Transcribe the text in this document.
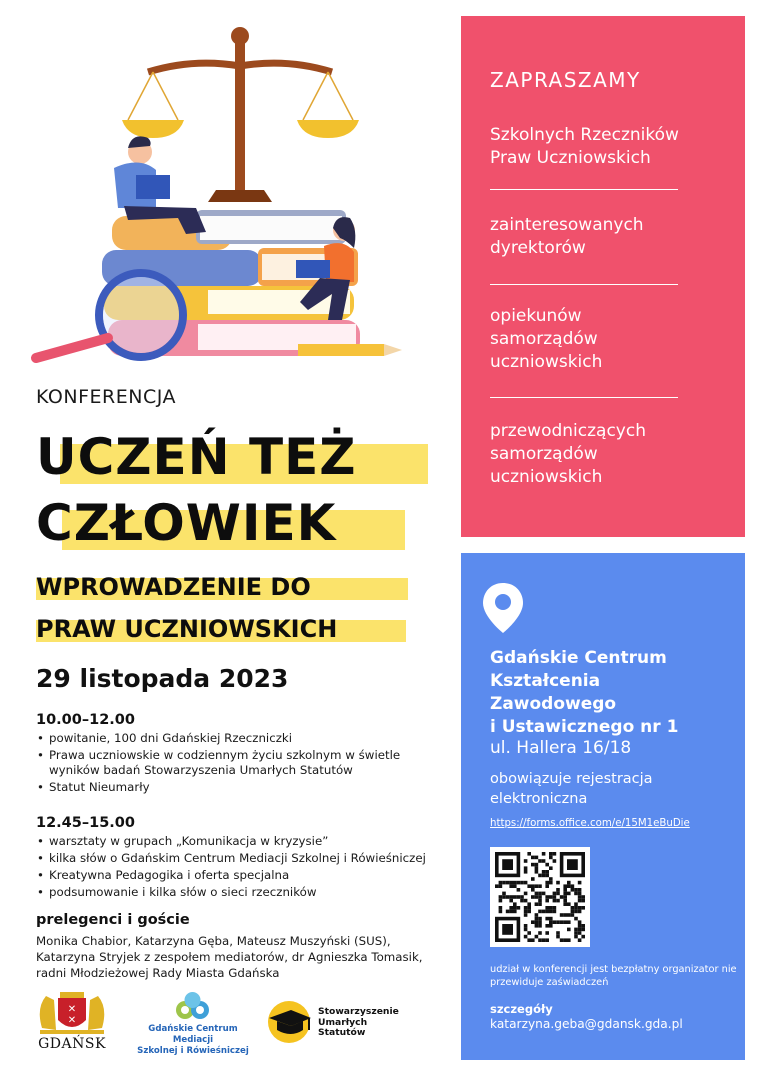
KONFERENCJA
UCZEŃ TEŻ
CZŁOWIEK
WPROWADZENIE DO
PRAW UCZNIOWSKICH
29 listopada 2023
10.00–12.00
• powitanie, 100 dni Gdańskiej Rzeczniczki
• Prawa uczniowskie w codziennym życiu szkolnym w świetle wyników badań Stowarzyszenia Umarłych Statutów
• Statut Nieumarły
12.45–15.00
• warsztaty w grupach „Komunikacja w kryzysie”
• kilka słów o Gdańskim Centrum Mediacji Szkolnej i Rówieśniczej
• Kreatywna Pedagogika i oferta specjalna
• podsumowanie i kilka słów o sieci rzeczników
prelegenci i goście
Monika Chabior, Katarzyna Gęba, Mateusz Muszyński (SUS), Katarzyna Stryjek z zespołem mediatorów, dr Agnieszka Tomasik, radni Młodzieżowej Rady Miasta Gdańska
✕
✕
GDAŃSK
Gdańskie Centrum Mediacji
Szkolnej i Rówieśniczej
Stowarzyszenie
Umarłych
Statutów
ZAPRASZAMY
Szkolnych Rzeczników Praw Uczniowskich
zainteresowanych dyrektorów
opiekunów samorządów uczniowskich
przewodniczących samorządów uczniowskich
Gdańskie Centrum
Kształcenia
Zawodowego
i Ustawicznego nr 1
ul. Hallera 16/18
obowiązuje rejestracja elektroniczna
https://forms.office.com/e/15M1eBuDie
udział w konferencji jest bezpłatny organizator nie przewiduje zaświadczeń
szczegóły
katarzyna.geba@gdansk.gda.pl
